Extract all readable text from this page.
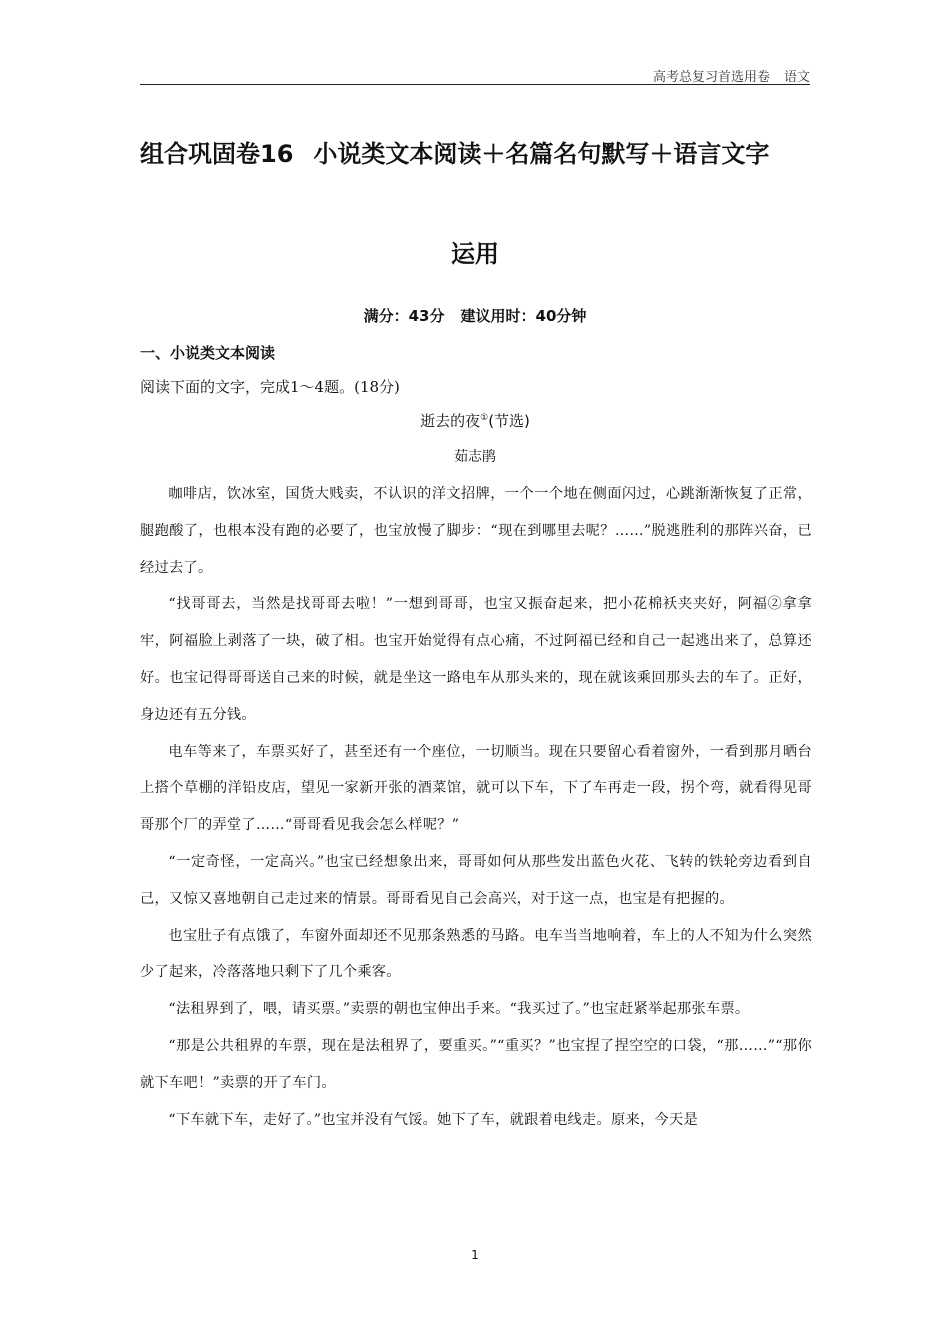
高考总复习首选用卷 语文
组合巩固卷16 小说类文本阅读＋名篇名句默写＋语言文字
运用
满分：43分 建议用时：40分钟
一、小说类文本阅读
阅读下面的文字，完成1～4题。(18分)
逝去的夜①(节选)
茹志鹃

咖啡店，饮冰室，国货大贱卖，不认识的洋文招牌，一个一个地在侧面闪过，心跳渐渐恢复了正常，腿跑酸了，也根本没有跑的必要了，也宝放慢了脚步：“现在到哪里去呢？……”脱逃胜利的那阵兴奋，已经过去了。

“找哥哥去，当然是找哥哥去啦！”一想到哥哥，也宝又振奋起来，把小花棉袄夹夹好，阿福②拿拿牢，阿福脸上剥落了一块，破了相。也宝开始觉得有点心痛，不过阿福已经和自己一起逃出来了，总算还好。也宝记得哥哥送自己来的时候，就是坐这一路电车从那头来的，现在就该乘回那头去的车了。正好，身边还有五分钱。

电车等来了，车票买好了，甚至还有一个座位，一切顺当。现在只要留心看着窗外，一看到那月晒台上搭个草棚的洋铅皮店，望见一家新开张的酒菜馆，就可以下车，下了车再走一段，拐个弯，就看得见哥哥那个厂的弄堂了……“哥哥看见我会怎么样呢？”

“一定奇怪，一定高兴。”也宝已经想象出来，哥哥如何从那些发出蓝色火花、飞转的铁轮旁边看到自己，又惊又喜地朝自己走过来的情景。哥哥看见自己会高兴，对于这一点，也宝是有把握的。

也宝肚子有点饿了，车窗外面却还不见那条熟悉的马路。电车当当地响着，车上的人不知为什么突然少了起来，冷落落地只剩下了几个乘客。

“法租界到了，喂，请买票。”卖票的朝也宝伸出手来。“我买过了。”也宝赶紧举起那张车票。

“那是公共租界的车票，现在是法租界了，要重买。”“重买？”也宝捏了捏空空的口袋，“那……”“那你就下车吧！”卖票的开了车门。

“下车就下车，走好了。”也宝并没有气馁。她下了车，就跟着电线走。原来，今天是

1
